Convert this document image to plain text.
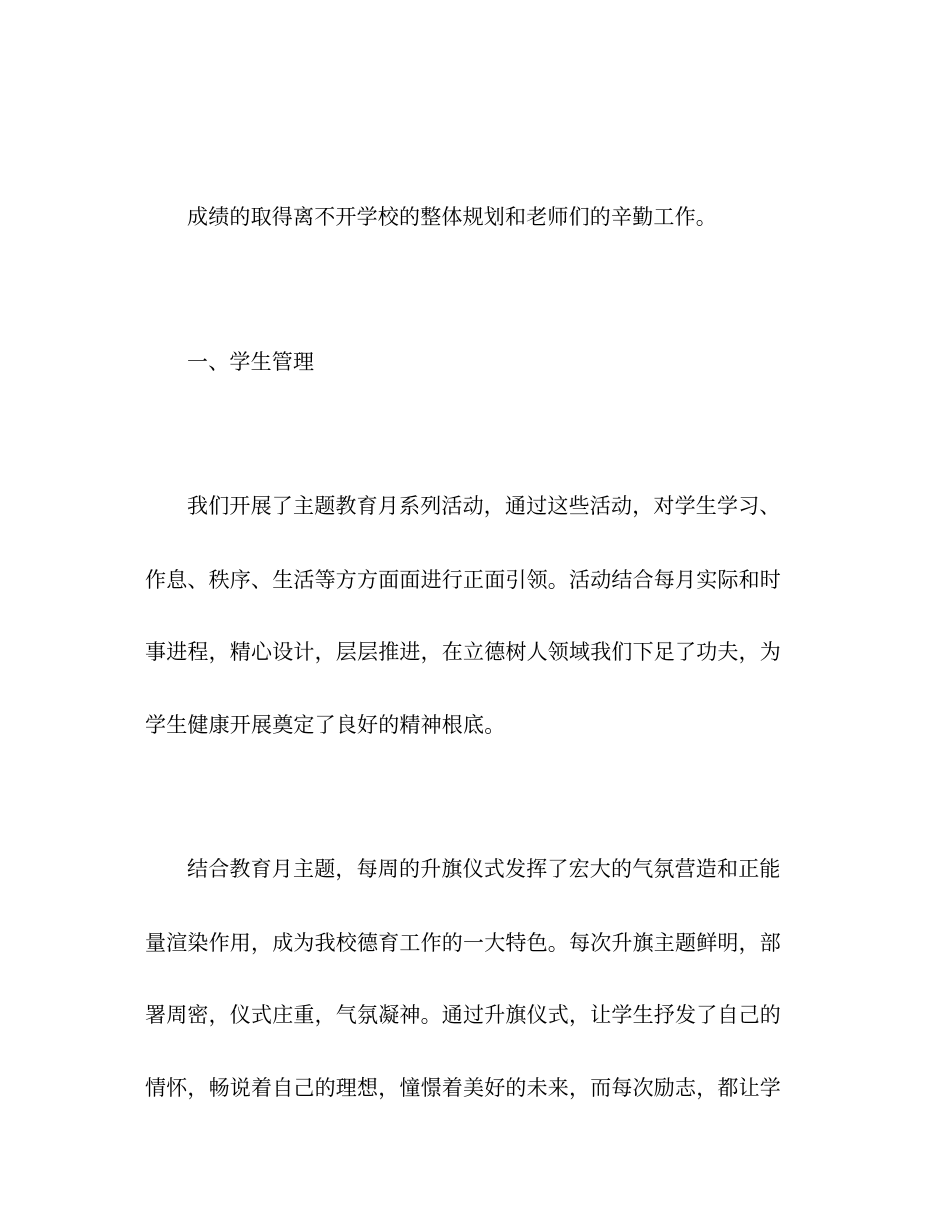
成绩的取得离不开学校的整体规划和老师们的辛勤工作。
一、学生管理
我们开展了主题教育月系列活动，通过这些活动，对学生学习、
作息、秩序、生活等方方面面进行正面引领。活动结合每月实际和时
事进程，精心设计，层层推进，在立德树人领域我们下足了功夫，为
学生健康开展奠定了良好的精神根底。
结合教育月主题，每周的升旗仪式发挥了宏大的气氛营造和正能
量渲染作用，成为我校德育工作的一大特色。每次升旗主题鲜明，部
署周密，仪式庄重，气氛凝神。通过升旗仪式，让学生抒发了自己的
情怀，畅说着自己的理想，憧憬着美好的未来，而每次励志，都让学
